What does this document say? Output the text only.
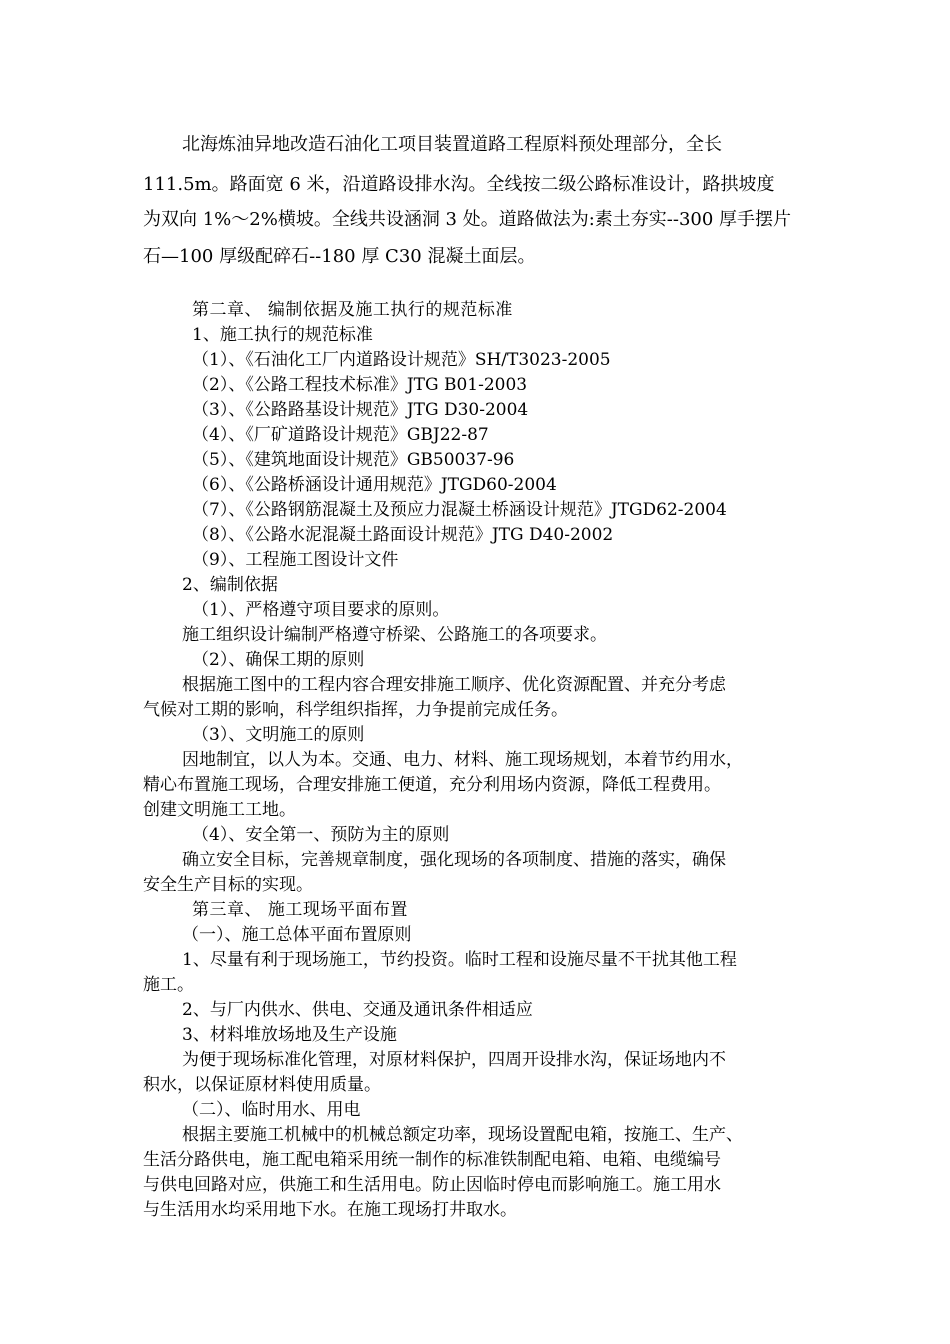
北海炼油异地改造石油化工项目装置道路工程原料预处理部分，全长
111.5m。路面宽 6 米，沿道路设排水沟。全线按二级公路标准设计，路拱坡度
为双向 1%～2%横坡。全线共设涵洞 3 处。道路做法为:素土夯实--300 厚手摆片
石—100 厚级配碎石--180 厚 C30 混凝土面层。
第二章、 编制依据及施工执行的规范标准
1、施工执行的规范标准
（1）、《石油化工厂内道路设计规范》SH/T3023-2005
（2）、《公路工程技术标准》JTG B01-2003
（3）、《公路路基设计规范》JTG D30-2004
（4）、《厂矿道路设计规范》GBJ22-87
（5）、《建筑地面设计规范》GB50037-96
（6）、《公路桥涵设计通用规范》JTGD60-2004
（7）、《公路钢筋混凝土及预应力混凝土桥涵设计规范》JTGD62-2004
（8）、《公路水泥混凝土路面设计规范》JTG D40-2002
（9）、工程施工图设计文件
2、编制依据
（1）、严格遵守项目要求的原则。
施工组织设计编制严格遵守桥梁、公路施工的各项要求。
（2）、确保工期的原则
根据施工图中的工程内容合理安排施工顺序、优化资源配置、并充分考虑
气候对工期的影响，科学组织指挥，力争提前完成任务。
（3）、文明施工的原则
因地制宜，以人为本。交通、电力、材料、施工现场规划，本着节约用水，
精心布置施工现场，合理安排施工便道，充分利用场内资源，降低工程费用。
创建文明施工工地。
（4）、安全第一、预防为主的原则
确立安全目标，完善规章制度，强化现场的各项制度、措施的落实，确保
安全生产目标的实现。
第三章、 施工现场平面布置
（一）、施工总体平面布置原则
1、尽量有利于现场施工，节约投资。临时工程和设施尽量不干扰其他工程
施工。
2、与厂内供水、供电、交通及通讯条件相适应
3、材料堆放场地及生产设施
为便于现场标准化管理，对原材料保护，四周开设排水沟，保证场地内不
积水，以保证原材料使用质量。
（二）、临时用水、用电
根据主要施工机械中的机械总额定功率，现场设置配电箱，按施工、生产、
生活分路供电，施工配电箱采用统一制作的标准铁制配电箱、电箱、电缆编号
与供电回路对应，供施工和生活用电。防止因临时停电而影响施工。施工用水
与生活用水均采用地下水。在施工现场打井取水。
